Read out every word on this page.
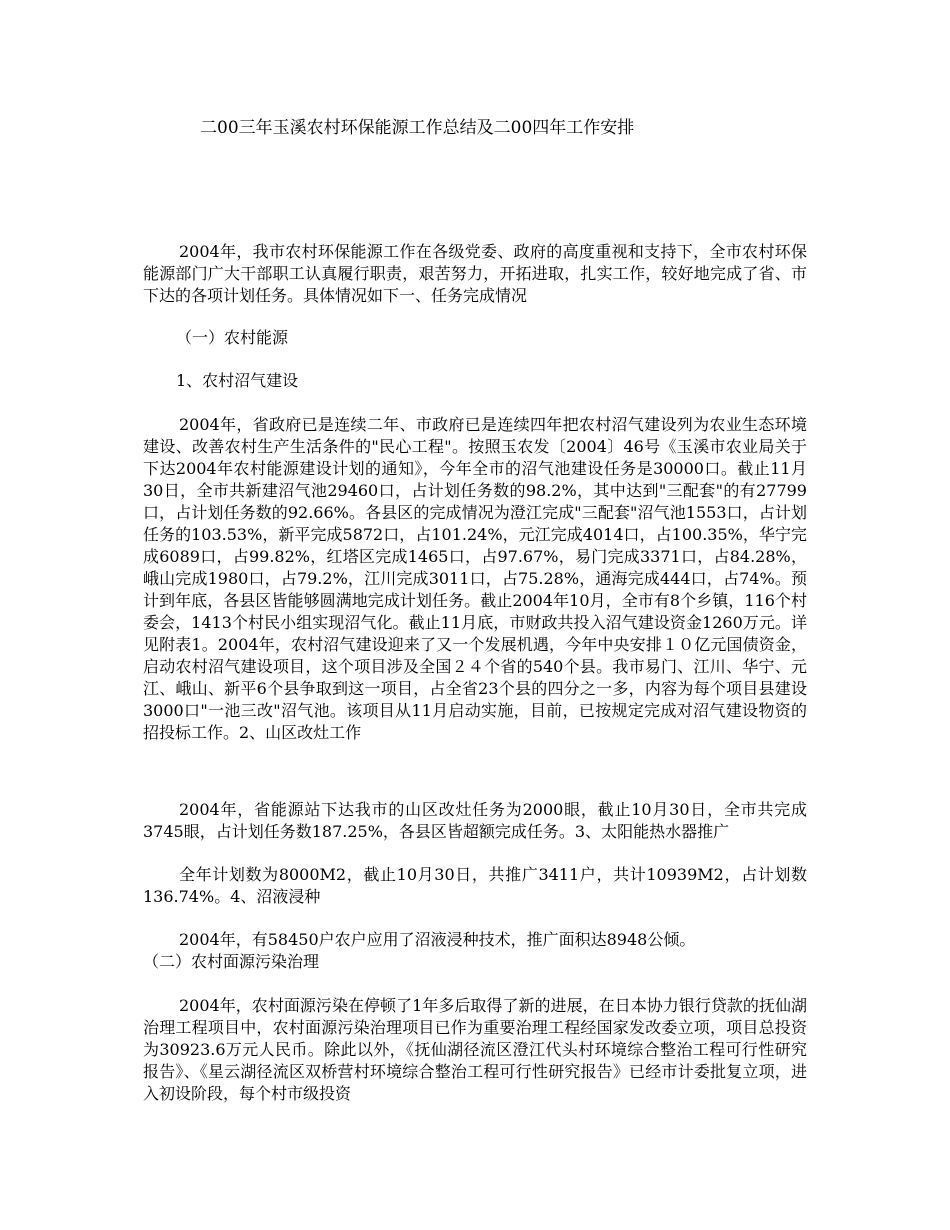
二00三年玉溪农村环保能源工作总结及二00四年工作安排

2004年，我市农村环保能源工作在各级党委、政府的高度重视和支持下，全市农村环保能源部门广大干部职工认真履行职责，艰苦努力，开拓进取，扎实工作，较好地完成了省、市下达的各项计划任务。具体情况如下一、任务完成情况

（一）农村能源

1、农村沼气建设

2004年，省政府已是连续二年、市政府已是连续四年把农村沼气建设列为农业生态环境建设、改善农村生产生活条件的"民心工程"。按照玉农发〔2004〕46号《玉溪市农业局关于下达2004年农村能源建设计划的通知》，今年全市的沼气池建设任务是30000口。截止11月30日，全市共新建沼气池29460口，占计划任务数的98.2%，其中达到"三配套"的有27799口，占计划任务数的92.66%。各县区的完成情况为澄江完成"三配套"沼气池1553口，占计划任务的103.53%，新平完成5872口，占101.24%，元江完成4014口，占100.35%，华宁完成6089口，占99.82%，红塔区完成1465口，占97.67%，易门完成3371口，占84.28%，峨山完成1980口，占79.2%，江川完成3011口，占75.28%，通海完成444口，占74%。预计到年底，各县区皆能够圆满地完成计划任务。截止2004年10月，全市有8个乡镇，116个村委会，1413个村民小组实现沼气化。截止11月底，市财政共投入沼气建设资金1260万元。详见附表1。2004年，农村沼气建设迎来了又一个发展机遇，今年中央安排１０亿元国债资金，启动农村沼气建设项目，这个项目涉及全国２４个省的540个县。我市易门、江川、华宁、元江、峨山、新平6个县争取到这一项目，占全省23个县的四分之一多，内容为每个项目县建设3000口"一池三改"沼气池。该项目从11月启动实施，目前，已按规定完成对沼气建设物资的招投标工作。2、山区改灶工作

2004年，省能源站下达我市的山区改灶任务为2000眼，截止10月30日，全市共完成3745眼，占计划任务数187.25%，各县区皆超额完成任务。3、太阳能热水器推广

全年计划数为8000M2，截止10月30日，共推广3411户，共计10939M2，占计划数136.74%。4、沼液浸种

2004年，有58450户农户应用了沼液浸种技术，推广面积达8948公倾。

（二）农村面源污染治理

2004年，农村面源污染在停顿了1年多后取得了新的进展，在日本协力银行贷款的抚仙湖治理工程项目中，农村面源污染治理项目已作为重要治理工程经国家发改委立项，项目总投资为30923.6万元人民币。除此以外，《抚仙湖径流区澄江代头村环境综合整治工程可行性研究报告》、《星云湖径流区双桥营村环境综合整治工程可行性研究报告》已经市计委批复立项，进入初设阶段，每个村市级投资
